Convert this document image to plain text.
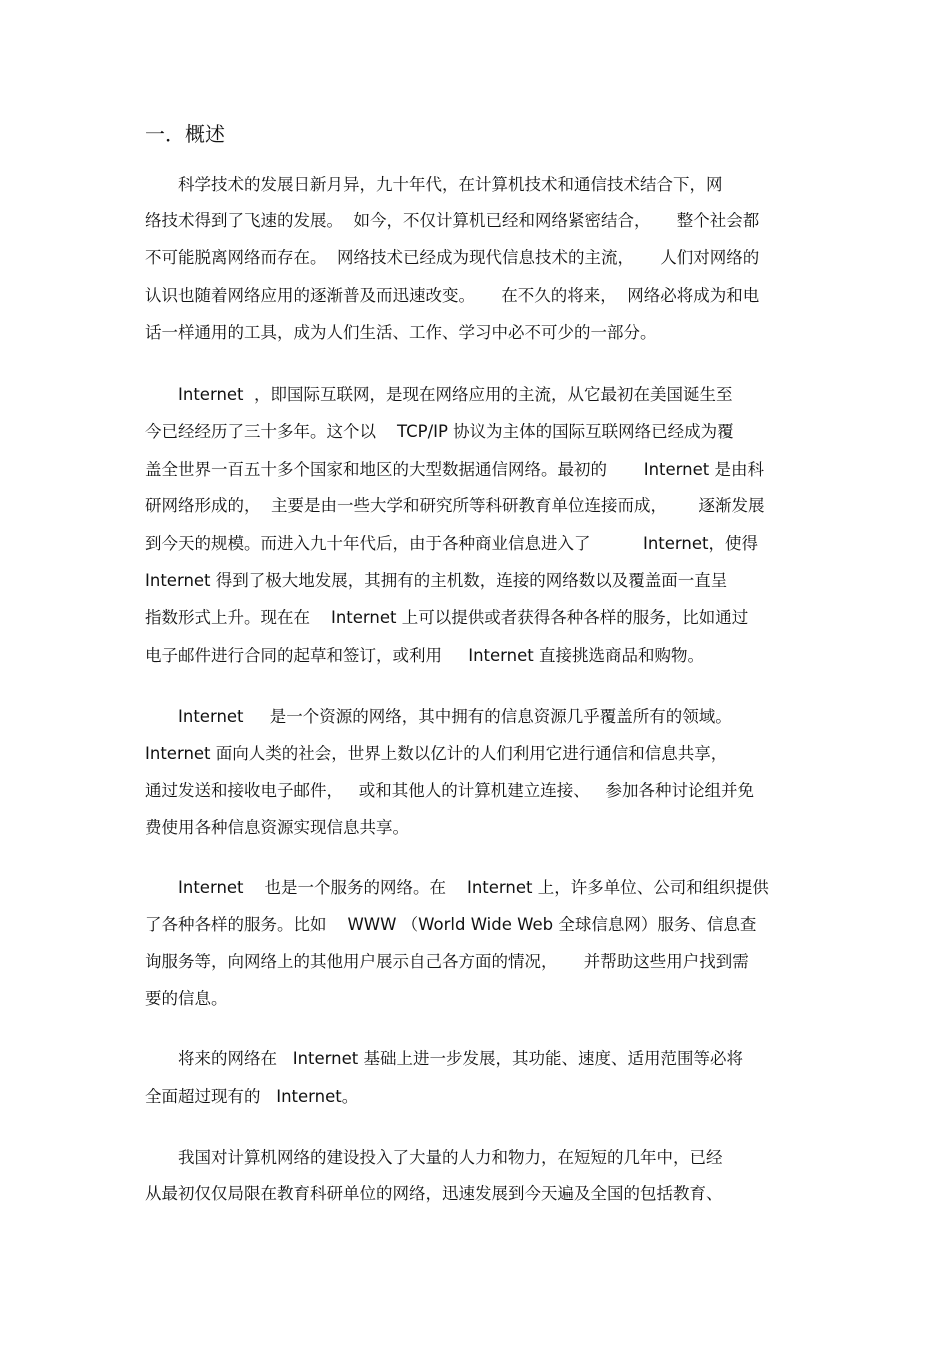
一．概述

科学技术的发展日新月异，九十年代，在计算机技术和通信技术结合下，网

络技术得到了飞速的发展。  如今，不仅计算机已经和网络紧密结合，     整个社会都

不可能脱离网络而存在。  网络技术已经成为现代信息技术的主流，     人们对网络的

认识也随着网络应用的逐渐普及而迅速改变。     在不久的将来，  网络必将成为和电

话一样通用的工具，成为人们生活、工作、学习中必不可少的一部分。

Internet  ，即国际互联网，是现在网络应用的主流，从它最初在美国诞生至

今已经经历了三十多年。这个以    TCP/IP 协议为主体的国际互联网络已经成为覆

盖全世界一百五十多个国家和地区的大型数据通信网络。最初的       Internet 是由科

研网络形成的，  主要是由一些大学和研究所等科研教育单位连接而成，      逐渐发展

到今天的规模。而进入九十年代后，由于各种商业信息进入了          Internet，使得

Internet 得到了极大地发展，其拥有的主机数，连接的网络数以及覆盖面一直呈

指数形式上升。现在在    Internet 上可以提供或者获得各种各样的服务，比如通过

电子邮件进行合同的起草和签订，或利用     Internet 直接挑选商品和购物。

Internet     是一个资源的网络，其中拥有的信息资源几乎覆盖所有的领域。

Internet 面向人类的社会，世界上数以亿计的人们利用它进行通信和信息共享，

通过发送和接收电子邮件，   或和其他人的计算机建立连接、   参加各种讨论组并免

费使用各种信息资源实现信息共享。

Internet    也是一个服务的网络。在    Internet 上，许多单位、公司和组织提供

了各种各样的服务。比如    WWW （World Wide Web 全球信息网）服务、信息查

询服务等，向网络上的其他用户展示自己各方面的情况，     并帮助这些用户找到需

要的信息。

将来的网络在   Internet 基础上进一步发展，其功能、速度、适用范围等必将

全面超过现有的   Internet。

我国对计算机网络的建设投入了大量的人力和物力，在短短的几年中，已经

从最初仅仅局限在教育科研单位的网络，迅速发展到今天遍及全国的包括教育、
